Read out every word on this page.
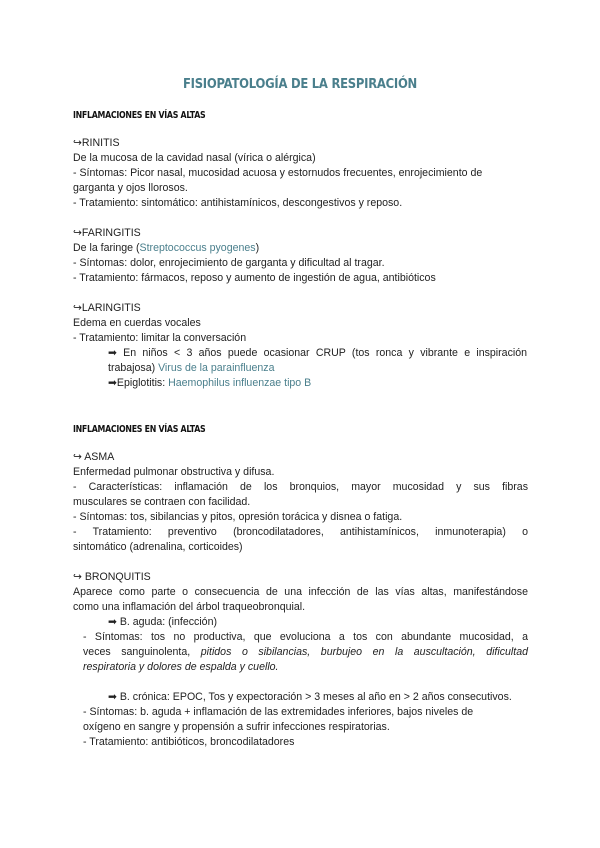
FISIOPATOLOGÍA DE LA RESPIRACIÓN
INFLAMACIONES EN VÍAS ALTAS
↪RINITIS
De la mucosa de la cavidad nasal (vírica o alérgica)
- Síntomas: Picor nasal, mucosidad acuosa y estornudos frecuentes, enrojecimiento de
garganta y ojos llorosos.
- Tratamiento: sintomático: antihistamínicos, descongestivos y reposo.
↪FARINGITIS
De la faringe (Streptococcus pyogenes)
- Síntomas: dolor, enrojecimiento de garganta y dificultad al tragar.
- Tratamiento: fármacos, reposo y aumento de ingestión de agua, antibióticos
↪LARINGITIS
Edema en cuerdas vocales
- Tratamiento: limitar la conversación
➡ En niños < 3 años puede ocasionar CRUP (tos ronca y vibrante e inspiración
trabajosa) Virus de la parainfluenza
➡Epiglotitis: Haemophilus influenzae tipo B
INFLAMACIONES EN VÍAS ALTAS
↪ ASMA
Enfermedad pulmonar obstructiva y difusa.
- Características: inflamación de los bronquios, mayor mucosidad y sus fibras
musculares se contraen con facilidad.
- Síntomas: tos, sibilancias y pitos, opresión torácica y disnea o fatiga.
- Tratamiento: preventivo (broncodilatadores, antihistamínicos, inmunoterapia) o
sintomático (adrenalina, corticoides)
↪ BRONQUITIS
Aparece como parte o consecuencia de una infección de las vías altas, manifestándose
como una inflamación del árbol traqueobronquial.
➡ B. aguda: (infección)
- Síntomas: tos no productiva, que evoluciona a tos con abundante mucosidad, a
veces sanguinolenta, pitidos o sibilancias, burbujeo en la auscultación, dificultad
respiratoria y dolores de espalda y cuello.
➡ B. crónica: EPOC, Tos y expectoración > 3 meses al año en > 2 años consecutivos.
- Síntomas: b. aguda + inflamación de las extremidades inferiores, bajos niveles de
oxígeno en sangre y propensión a sufrir infecciones respiratorias.
- Tratamiento: antibióticos, broncodilatadores
